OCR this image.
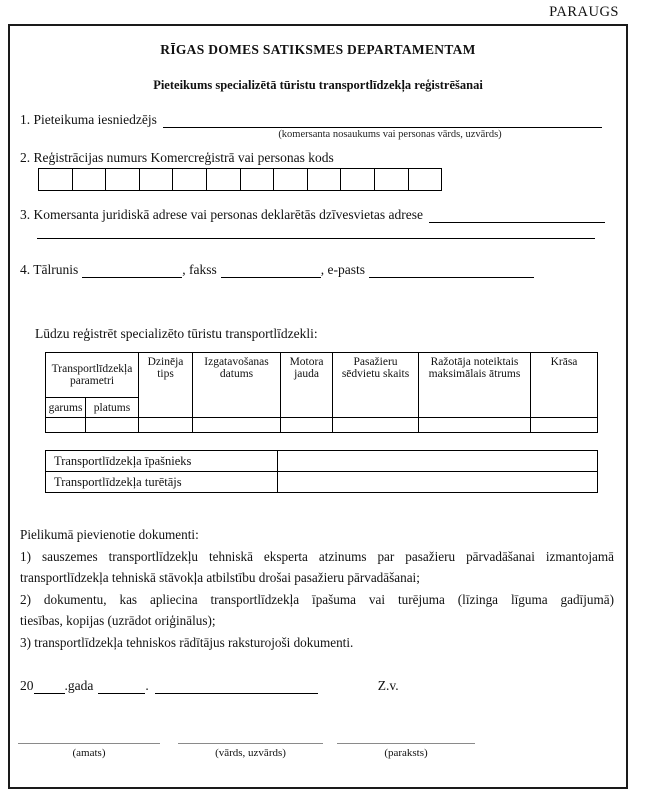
PARAUGS
RĪGAS DOMES SATIKSMES DEPARTAMENTAM
Pieteikums specializētā tūristu transportlīdzekļa reģistrēšanai
1. Pieteikuma iesniedzējs
(komersanta nosaukums vai personas vārds, uzvārds)
2. Reģistrācijas numurs Komercreģistrā vai personas kods
3. Komersanta juridiskā adrese vai personas deklarētās dzīvesvietas adrese
4. Tālrunis	, fakss	, e-pasts
Lūdzu reģistrēt specializēto tūristu transportlīdzekli:
Transportlīdzekļa parametri		Dzinēja tips	Izgatavošanas datums	Motora jauda	Pasažieru sēdvietu skaits	Ražotāja noteiktais maksimālais ātrums	Krāsa
garums	platums						

Transportlīdzekļa īpašnieks	
Transportlīdzekļa turētājs	
Pielikumā pievienotie dokumenti:
1) sauszemes transportlīdzekļu tehniskā eksperta atzinums par pasažieru pārvadāšanai izmantojamā
transportlīdzekļa tehniskā stāvokļa atbilstību drošai pasažieru pārvadāšanai;
2) dokumentu, kas apliecina transportlīdzekļa īpašuma vai turējuma (līzinga līguma gadījumā)
tiesības, kopijas (uzrādot oriģinālus);
3) transportlīdzekļa tehniskos rādītājus raksturojoši dokumenti.
20 .gada	.	Z.v.
(amats)	(vārds, uzvārds)	(paraksts)
